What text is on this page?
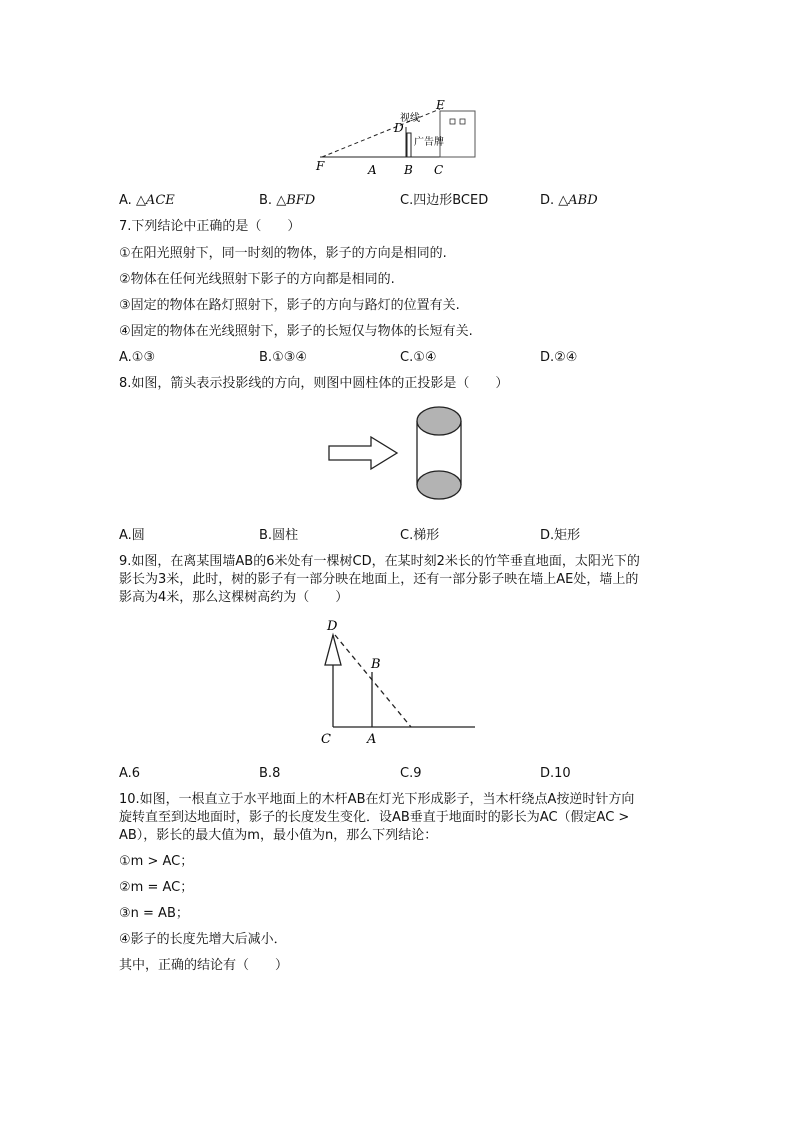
E
D
F	A B C
视线
广告牌
A. △ACE	B. △BFD	C.四边形BCED	D. △ABD
7.下列结论中正确的是（　　）
①在阳光照射下，同一时刻的物体，影子的方向是相同的.
②物体在任何光线照射下影子的方向都是相同的.
③固定的物体在路灯照射下，影子的方向与路灯的位置有关.
④固定的物体在光线照射下，影子的长短仅与物体的长短有关.
A.①③	B.①③④	C.①④	D.②④
8.如图，箭头表示投影线的方向，则图中圆柱体的正投影是（　　）
A.圆	B.圆柱	C.梯形	D.矩形
9.如图，在离某围墙AB的6米处有一棵树CD，在某时刻2米长的竹竿垂直地面，太阳光下的
影长为3米，此时，树的影子有一部分映在地面上，还有一部分影子映在墙上AE处，墙上的
影高为4米，那么这棵树高约为（　　）
D
B
C	A
A.6	B.8	C.9	D.10
10.如图，一根直立于水平地面上的木杆AB在灯光下形成影子，当木杆绕点A按逆时针方向
旋转直至到达地面时，影子的长度发生变化．设AB垂直于地面时的影长为AC（假定AC >
AB），影长的最大值为m，最小值为n，那么下列结论：
①m > AC；
②m = AC；
③n = AB；
④影子的长度先增大后减小．
其中，正确的结论有（　　）
